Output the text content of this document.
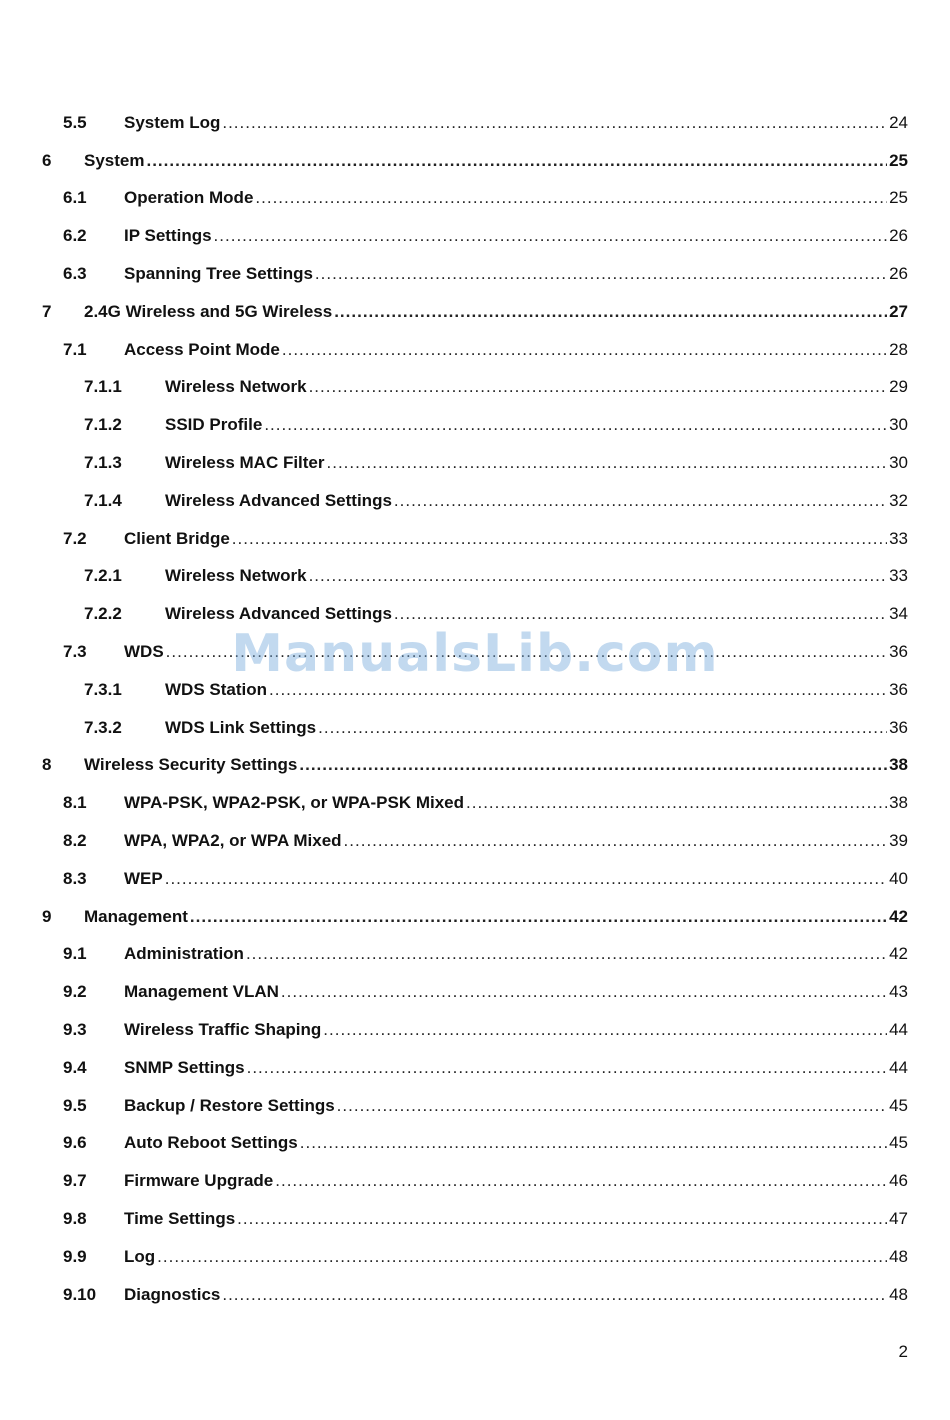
5.5 System Log .....	24
6 System .....	25
6.1 Operation Mode .....	25
6.2 IP Settings .....	26
6.3 Spanning Tree Settings .....	26
7 2.4G Wireless and 5G Wireless .....	27
7.1 Access Point Mode .....	28
7.1.1	Wireless Network .....	29
7.1.2	SSID Profile .....	30
7.1.3	Wireless MAC Filter .....	30
7.1.4	Wireless Advanced Settings .....	32
7.2 Client Bridge .....	33
7.2.1	Wireless Network .....	33
7.2.2	Wireless Advanced Settings .....	34
7.3 WDS .....	36
7.3.1	WDS Station .....	36
7.3.2	WDS Link Settings .....	36
8 Wireless Security Settings .....	38
8.1 WPA-PSK, WPA2-PSK, or WPA-PSK Mixed .....	38
8.2 WPA, WPA2, or WPA Mixed .....	39
8.3 WEP .....	40
9 Management .....	42
9.1 Administration .....	42
9.2 Management VLAN .....	43
9.3 Wireless Traffic Shaping .....	44
9.4 SNMP Settings .....	44
9.5 Backup / Restore Settings .....	45
9.6 Auto Reboot Settings .....	45
9.7 Firmware Upgrade .....	46
9.8 Time Settings .....	47
9.9 Log .....	48
9.10 Diagnostics .....	48
ManualsLib.com
2
